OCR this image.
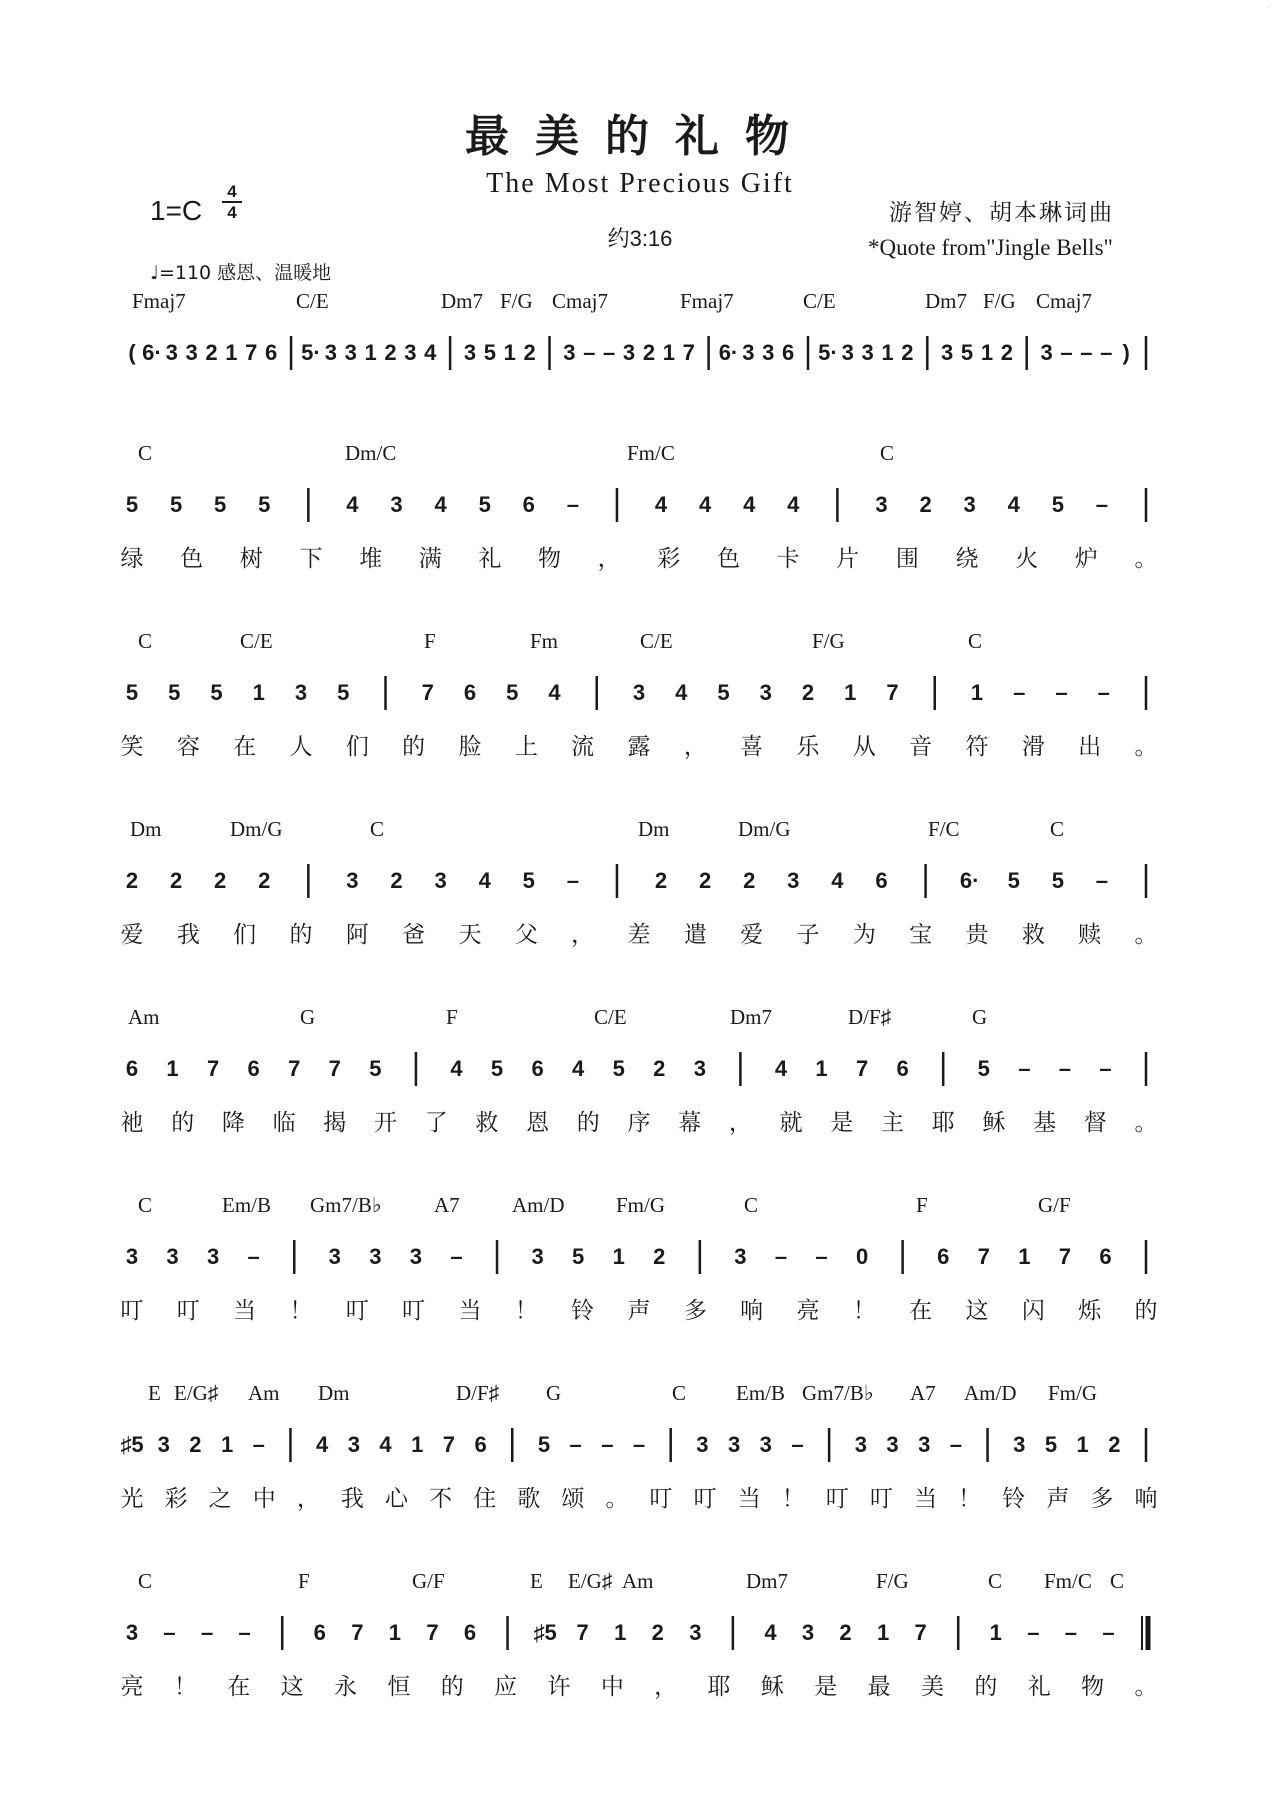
最美的礼物
The Most Precious Gift
1=C
4
4
约3:16
游智婷、胡本琳词曲
*Quote from"Jingle Bells"
♩=110 感恩、温暖地
·
Fmaj7	C/E	Dm7 F/G Cmaj7	Fmaj7	C/E	Dm7 F/G Cmaj7
( 6· 3 3 2 1 7 6 5· 3 3 1 2 3 4 3 5 1 2 3 – – 3 2 1 7 6· 3 3 6 5· 3 3 1 2 3 5 1 2 3 – – – )
C	Dm/C	Fm/C	C
5 5 5 5	4 3 4 5 6 –	4 4 4 4	3 2 3 4 5 –
绿 色 树 下 堆 满 礼 物 ， 彩 色 卡 片 围 绕 火 炉 。
C	C/E	F	Fm	C/E	F/G	C
5 5 5 1 3 5	7 6 5 4	3 4 5 3 2 1 7	1 – – –
笑 容 在 人 们 的 脸 上 流 露 ， 喜 乐 从 音 符 滑 出 。
Dm	Dm/G	C	Dm	Dm/G	F/C	C
2 2 2 2	3 2 3 4 5 –	2 2 2 3 4 6	6· 5 5 –
爱 我 们 的 阿 爸 天 父 ， 差 遣 爱 子 为 宝 贵 救 赎 。
Am	G	F	C/E	Dm7	D/F♯	G
6 1 7 6 7 7 5	4 5 6 4 5 2 3	4 1 7 6	5 – – –
祂 的 降 临 揭 开 了 救 恩 的 序 幕 ， 就 是 主 耶 稣 基 督 。
C	Em/B Gm7/B♭ A7 Am/D Fm/G	C	F	G/F
3 3 3 –	3 3 3 –	3 5 1 2	3 – – 0	6 7 1 7 6
叮 叮 当 ！ 叮 叮 当 ！ 铃 声 多 响 亮 ！ 在 这 闪 烁 的
E E/G♯ Am Dm	D/F♯ G	C Em/B Gm7/B♭ A7 Am/D Fm/G
♯5 3 2 1 – 4 3 4 1 7 6 5 – – – 3 3 3 – 3 3 3 – 3 5 1 2
光 彩 之 中 ， 我 心 不 住 歌 颂 。 叮 叮 当 ！ 叮 叮 当 ！ 铃 声 多 响
C	F	G/F	E E/G♯ Am	Dm7	F/G	C Fm/C C
3 – – –	6 7 1 7 6	♯5 7 1 2 3	4 3 2 1 7	1 – – –
亮 ！ 在 这 永 恒 的 应 许 中 ， 耶 稣 是 最 美 的 礼 物 。
